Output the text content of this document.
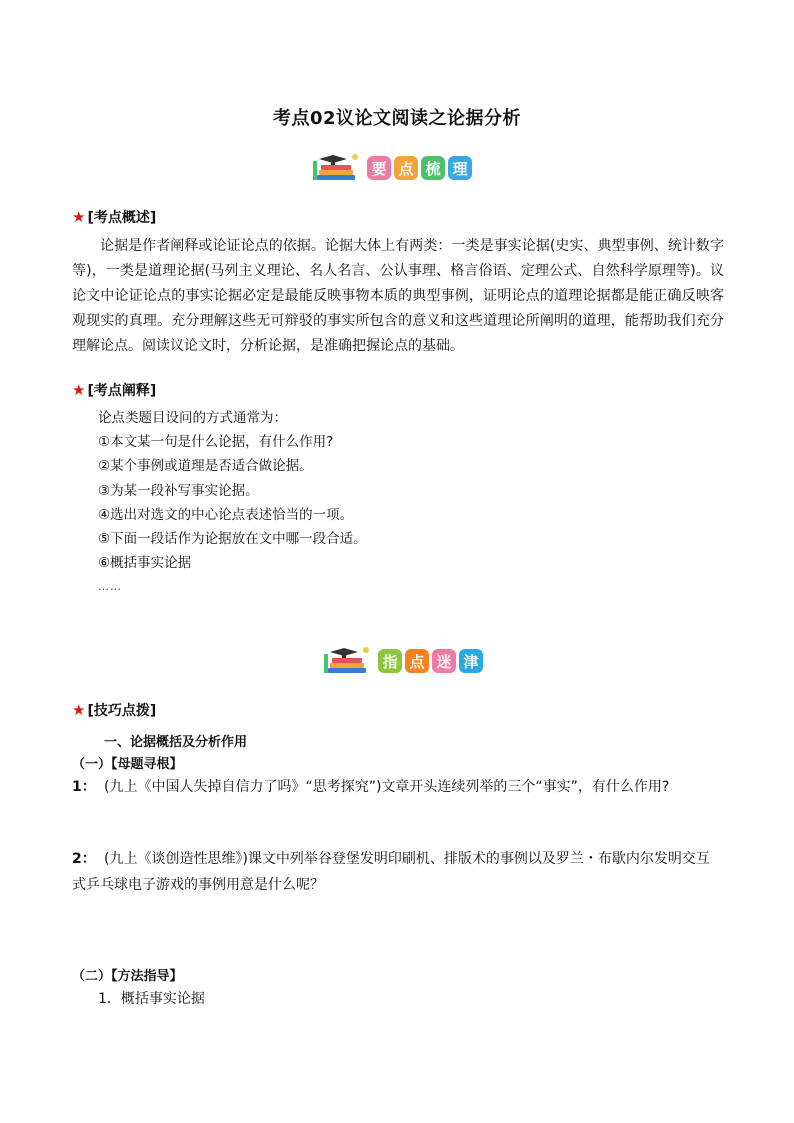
考点02议论文阅读之论据分析
要 点 梳 理
★ [考点概述]
论据是作者阐释或论证论点的依据。论据大体上有两类：一类是事实论据(史实、典型事例、统计数字等)，一类是道理论据(马列主义理论、名人名言、公认事理、格言俗语、定理公式、自然科学原理等)。议论文中论证论点的事实论据必定是最能反映事物本质的典型事例，证明论点的道理论据都是能正确反映客观现实的真理。充分理解这些无可辩驳的事实所包含的意义和这些道理论所阐明的道理，能帮助我们充分理解论点。阅读议论文时，分析论据，是准确把握论点的基础。
★ [考点阐释]
论点类题目设问的方式通常为：
①本文某一句是什么论据，有什么作用?
②某个事例或道理是否适合做论据。
③为某一段补写事实论据。
④选出对选文的中心论点表述恰当的一项。
⑤下面一段话作为论据放在文中哪一段合适。
⑥概括事实论据
……
指 点 迷 津
★ [技巧点拨]
一、论据概括及分析作用
（一）【母题寻根】
1： (九上《中国人失掉自信力了吗》“思考探究”)文章开头连续列举的三个“事实”，有什么作用?
2： (九上《谈创造性思维》)课文中列举谷登堡发明印刷机、排版术的事例以及罗兰・布歇内尔发明交互
式乒乓球电子游戏的事例用意是什么呢？
（二）【方法指导】
1．概括事实论据
